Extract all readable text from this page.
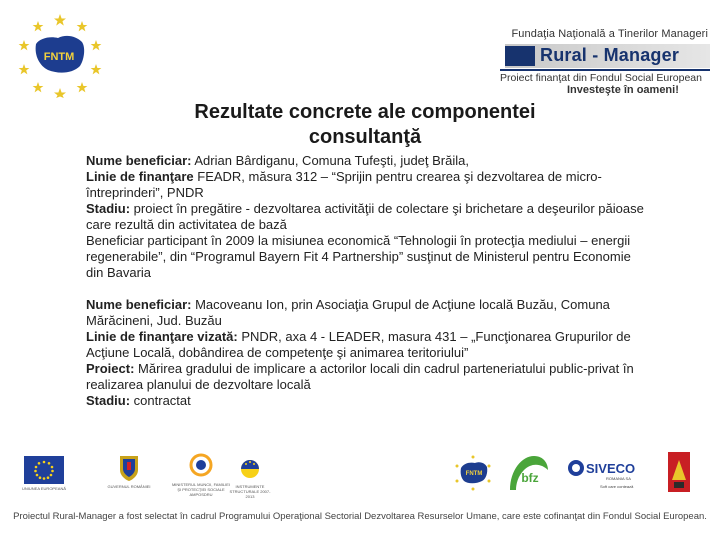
FNTM
Fundaţia Naţională a Tinerilor Manageri
Rural - Manager
Proiect finanţat din Fondul Social European
Investeşte în oameni!
Rezultate concrete ale componentei
consultanţă

Nume beneficiar: Adrian Bârdiganu, Comuna Tufeşti, judeţ Brăila,

Linie de finanţare FEADR, măsura 312 – “Sprijin pentru crearea şi dezvoltarea de micro-întreprinderi”, PNDR

Stadiu: proiect în pregătire - dezvoltarea activităţii de colectare şi brichetare a deşeurilor păioase care rezultă din activitatea de bază

Beneficiar participant în 2009 la misiunea economică “Tehnologii în protecţia mediului – energii regenerabile”, din “Programul Bayern Fit 4 Partnership” susţinut de Ministerul pentru Economie din Bavaria

Nume beneficiar: Macoveanu Ion, prin Asociaţia Grupul de Acţiune locală Buzău, Comuna Mărăcineni, Jud. Buzău

Linie de finanţare vizată: PNDR, axa 4 - LEADER, masura 431 – „Funcţionarea Grupurilor de Acţiune Locală, dobândirea de competenţe şi animarea teritoriului”

Proiect: Mărirea gradului de implicare a actorilor locali din cadrul parteneriatului public-privat în realizarea planului de dezvoltare locală

Stadiu: contractat

UNIUNEA EUROPEANĂ	GUVERNUL ROMÂNIEI	MINISTERUL MUNCII, FAMILIEI ŞI PROTECŢIEI SOCIALE AMPOSDRU
INSTRUMENTE STRUCTURALE 2007-2013
FNTM	bfz
SIVECO
ROMANIA SA
Soft care contează
Proiectul Rural-Manager a fost selectat în cadrul Programului Operaţional Sectorial Dezvoltarea Resurselor Umane, care este cofinanţat din Fondul Social European.
